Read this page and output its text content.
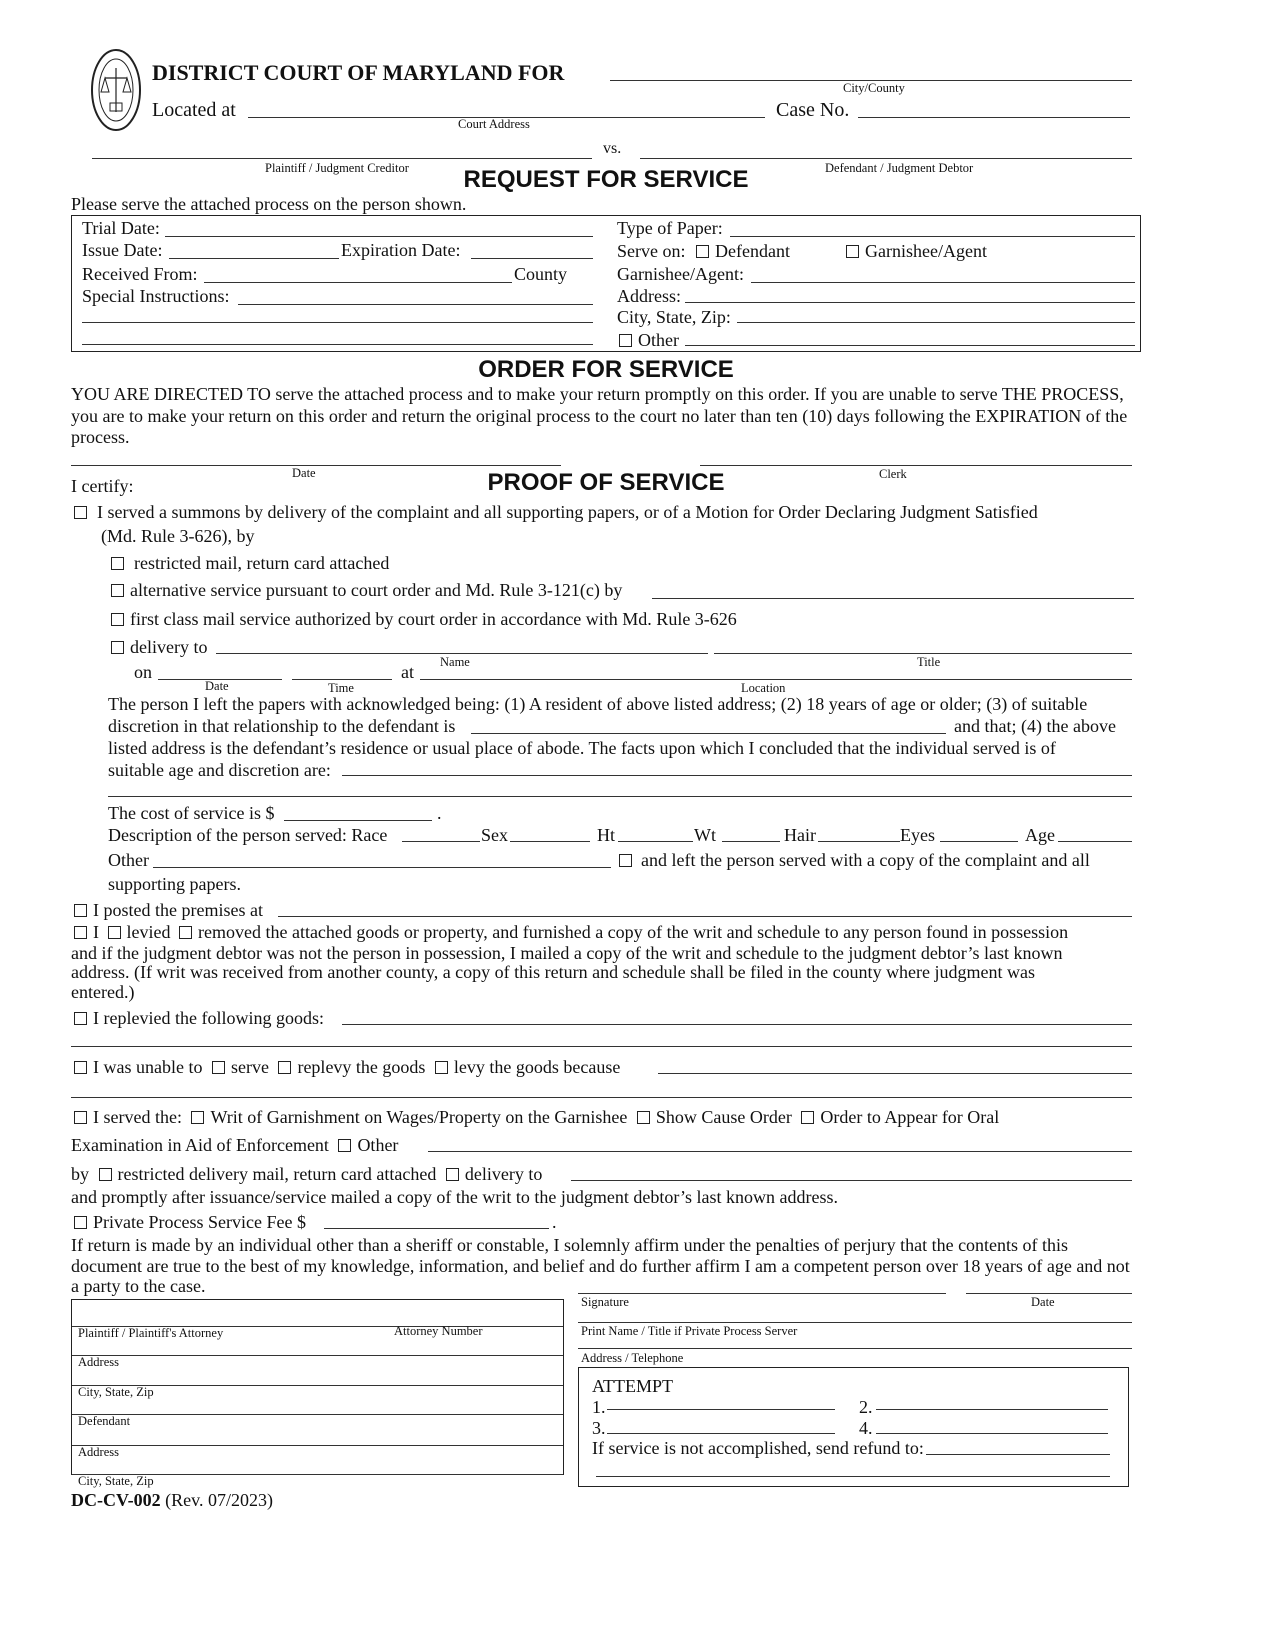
DISTRICT COURT OF MARYLAND FOR
City/County
Located at
Court Address
Case No.
Plaintiff / Judgment Creditor
vs.
Defendant / Judgment Debtor
REQUEST FOR SERVICE
Please serve the attached process on the person shown.
Trial Date:
Issue Date:	Expiration Date:
Received From:	County
Special Instructions:
Type of Paper:
Serve on: Defendant	Garnishee/Agent
Garnishee/Agent:
Address:
City, State, Zip:
Other
ORDER FOR SERVICE
YOU ARE DIRECTED TO serve the attached process and to make your return promptly on this order. If you are unable to serve THE PROCESS, you are to make your return on this order and return the original process to the court no later than ten (10) days following the EXPIRATION of the process.
Date	Clerk
PROOF OF SERVICE
I certify:
I served a summons by delivery of the complaint and all supporting papers, or of a Motion for Order Declaring Judgment Satisfied
(Md. Rule 3-626), by
restricted mail, return card attached
alternative service pursuant to court order and Md. Rule 3-121(c) by
first class mail service authorized by court order in accordance with Md. Rule 3-626
delivery to
Name	Title
on	at
Date	Time	Location
The person I left the papers with acknowledged being: (1) A resident of above listed address; (2) 18 years of age or older; (3) of suitable
discretion in that relationship to the defendant is	and that; (4) the above
listed address is the defendant’s residence or usual place of abode. The facts upon which I concluded that the individual served is of
suitable age and discretion are:
The cost of service is $	.
Description of the person served: Race	Sex	Ht	Wt	Hair	Eyes	Age
Other	and left the person served with a copy of the complaint and all
supporting papers.
I posted the premises at
I levied removed the attached goods or property, and furnished a copy of the writ and schedule to any person found in possession
and if the judgment debtor was not the person in possession, I mailed a copy of the writ and schedule to the judgment debtor’s last known
address. (If writ was received from another county, a copy of this return and schedule shall be filed in the county where judgment was
entered.)
I replevied the following goods:
I was unable to serve replevy the goods levy the goods because
I served the: Writ of Garnishment on Wages/Property on the Garnishee Show Cause Order Order to Appear for Oral
Examination in Aid of Enforcement Other
by restricted delivery mail, return card attached delivery to
and promptly after issuance/service mailed a copy of the writ to the judgment debtor’s last known address.
Private Process Service Fee $	.
If return is made by an individual other than a sheriff or constable, I solemnly affirm under the penalties of perjury that the contents of this document are true to the best of my knowledge, information, and belief and do further affirm I am a competent person over 18 years of age and not a party to the case.
Plaintiff / Plaintiff's Attorney	Attorney Number
Address
City, State, Zip
Defendant
Address
City, State, Zip
Signature	Date
Print Name / Title if Private Process Server
Address / Telephone
ATTEMPT
1.	2.
3.	4.
If service is not accomplished, send refund to:
DC-CV-002 (Rev. 07/2023)
